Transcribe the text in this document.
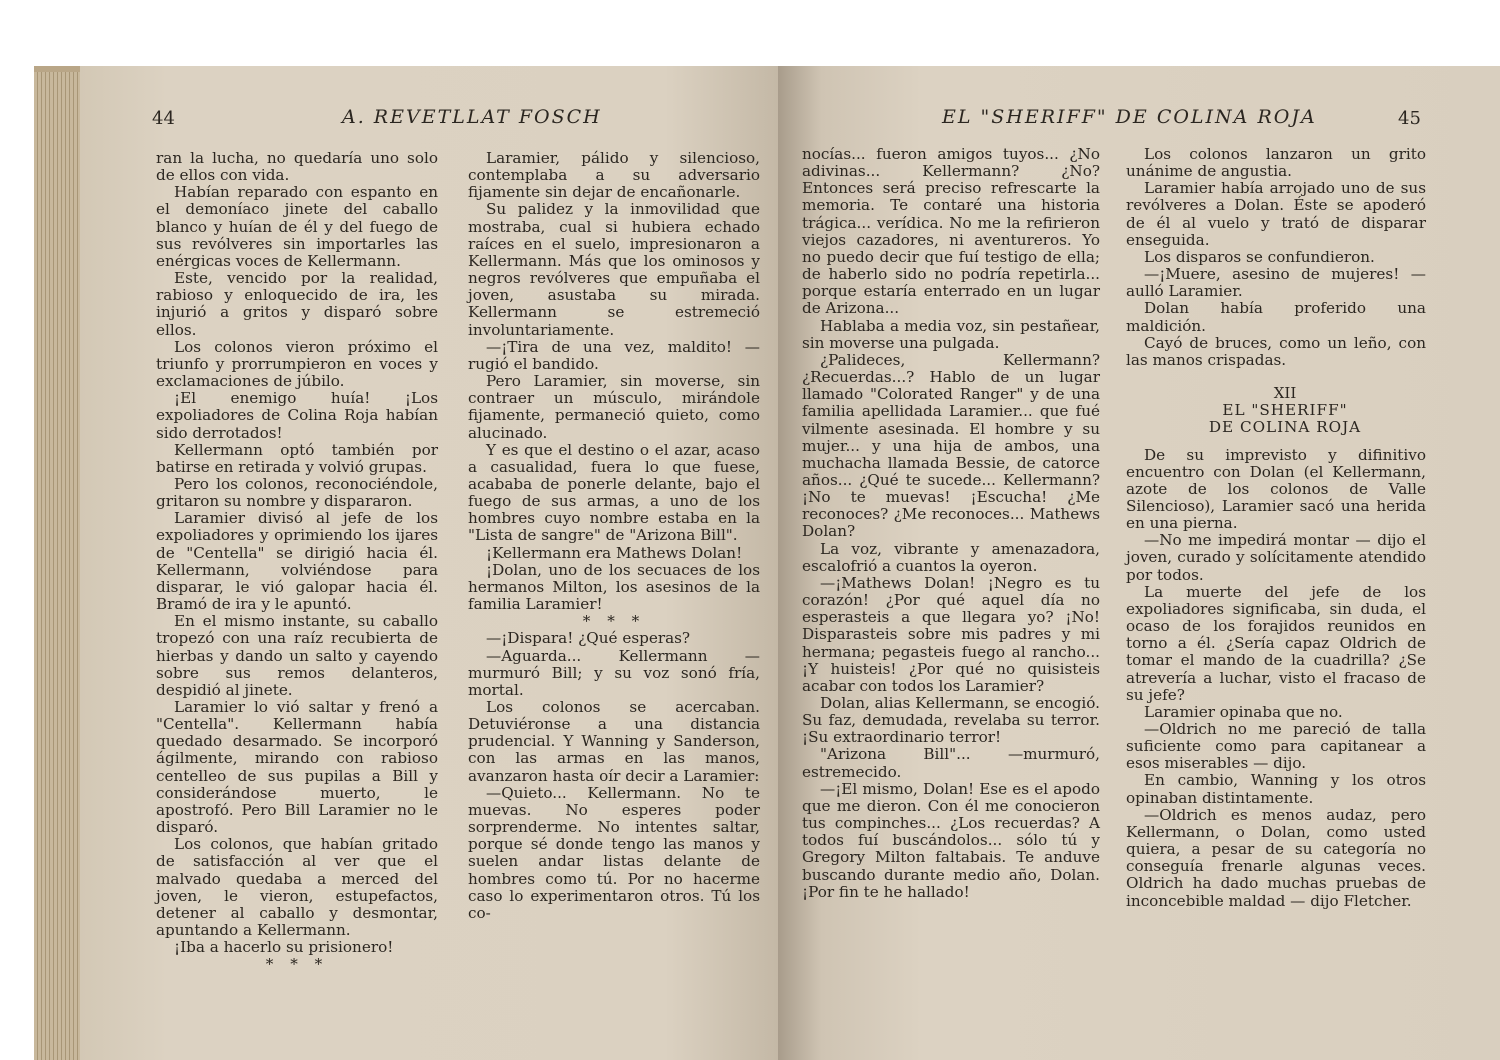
44	A. REVETLLAT FOSCH

ran la lucha, no quedaría uno solo de ellos con vida.

Habían reparado con espanto en el demoníaco jinete del caballo blanco y huían de él y del fuego de sus revólveres sin importarles las enérgicas voces de Kellermann.

Este, vencido por la realidad, rabioso y enloquecido de ira, les injurió a gritos y disparó sobre ellos.

Los colonos vieron próximo el triunfo y prorrumpieron en voces y exclamaciones de júbilo.

¡El enemigo huía! ¡Los expoliadores de Colina Roja habían sido derrotados!

Kellermann optó también por batirse en retirada y volvió grupas.

Pero los colonos, reconociéndole, gritaron su nombre y dispararon.

Laramier divisó al jefe de los expoliadores y oprimiendo los ijares de "Centella" se dirigió hacia él. Kellermann, volviéndose para disparar, le vió galopar hacia él. Bramó de ira y le apuntó.

En el mismo instante, su caballo tropezó con una raíz recubierta de hierbas y dando un salto y cayendo sobre sus remos delanteros, despidió al jinete.

Laramier lo vió saltar y frenó a "Centella". Kellermann había quedado desarmado. Se incorporó ágilmente, mirando con rabioso centelleo de sus pupilas a Bill y considerándose muerto, le apostrofó. Pero Bill Laramier no le disparó.

Los colonos, que habían gritado de satisfacción al ver que el malvado quedaba a merced del joven, le vieron, estupefactos, detener al caballo y desmontar, apuntando a Kellermann.

¡Iba a hacerlo su prisionero!

* * *

Laramier, pálido y silencioso, contemplaba a su adversario fijamente sin dejar de encañonarle.

Su palidez y la inmovilidad que mostraba, cual si hubiera echado raíces en el suelo, impresionaron a Kellermann. Más que los ominosos y negros revólveres que empuñaba el joven, asustaba su mirada. Kellermann se estremeció involuntariamente.

—¡Tira de una vez, maldito! —rugió el bandido.

Pero Laramier, sin moverse, sin contraer un músculo, mirándole fijamente, permaneció quieto, como alucinado.

Y es que el destino o el azar, acaso a casualidad, fuera lo que fuese, acababa de ponerle delante, bajo el fuego de sus armas, a uno de los hombres cuyo nombre estaba en la "Lista de sangre" de "Arizona Bill".

¡Kellermann era Mathews Dolan!

¡Dolan, uno de los secuaces de los hermanos Milton, los asesinos de la familia Laramier!

* * *

—¡Dispara! ¿Qué esperas?

—Aguarda... Kellermann —murmuró Bill; y su voz sonó fría, mortal.

Los colonos se acercaban. Detuviéronse a una distancia prudencial. Y Wanning y Sanderson, con las armas en las manos, avanzaron hasta oír decir a Laramier:

—Quieto... Kellermann. No te muevas. No esperes poder sorprenderme. No intentes saltar, porque sé donde tengo las manos y suelen andar listas delante de hombres como tú. Por no hacerme caso lo experimentaron otros. Tú los co-

EL "SHERIFF" DE COLINA ROJA	45

nocías... fueron amigos tuyos... ¿No adivinas... Kellermann? ¿No? Entonces será preciso refrescarte la memoria. Te contaré una historia trágica... verídica. No me la refirieron viejos cazadores, ni aventureros. Yo no puedo decir que fuí testigo de ella; de haberlo sido no podría repetirla... porque estaría enterrado en un lugar de Arizona...

Hablaba a media voz, sin pestañear, sin moverse una pulgada.

¿Palideces, Kellermann? ¿Recuerdas...? Hablo de un lugar llamado "Colorated Ranger" y de una familia apellidada Laramier... que fué vilmente asesinada. El hombre y su mujer... y una hija de ambos, una muchacha llamada Bessie, de catorce años... ¿Qué te sucede... Kellermann? ¡No te muevas! ¡Escucha! ¿Me reconoces? ¿Me reconoces... Mathews Dolan?

La voz, vibrante y amenazadora, escalofrió a cuantos la oyeron.

—¡Mathews Dolan! ¡Negro es tu corazón! ¿Por qué aquel día no esperasteis a que llegara yo? ¡No! Disparasteis sobre mis padres y mi hermana; pegasteis fuego al rancho... ¡Y huisteis! ¿Por qué no quisisteis acabar con todos los Laramier?

Dolan, alias Kellermann, se encogió. Su faz, demudada, revelaba su terror. ¡Su extraordinario terror!

"Arizona Bill"... —murmuró, estremecido.

—¡El mismo, Dolan! Ese es el apodo que me dieron. Con él me conocieron tus compinches... ¿Los recuerdas? A todos fuí buscándolos... sólo tú y Gregory Milton faltabais. Te anduve buscando durante medio año, Dolan. ¡Por fin te he hallado!

Los colonos lanzaron un grito unánime de angustia.

Laramier había arrojado uno de sus revólveres a Dolan. Éste se apoderó de él al vuelo y trató de disparar enseguida.

Los disparos se confundieron.

—¡Muere, asesino de mujeres! —aulló Laramier.

Dolan había proferido una maldición.

Cayó de bruces, como un leño, con las manos crispadas.

XII

EL "SHERIFF"

DE COLINA ROJA

De su imprevisto y difinitivo encuentro con Dolan (el Kellermann, azote de los colonos de Valle Silencioso), Laramier sacó una herida en una pierna.

—No me impedirá montar — dijo el joven, curado y solícitamente atendido por todos.

La muerte del jefe de los expoliadores significaba, sin duda, el ocaso de los forajidos reunidos en torno a él. ¿Sería capaz Oldrich de tomar el mando de la cuadrilla? ¿Se atrevería a luchar, visto el fracaso de su jefe?

Laramier opinaba que no.

—Oldrich no me pareció de talla suficiente como para capitanear a esos miserables — dijo.

En cambio, Wanning y los otros opinaban distintamente.

—Oldrich es menos audaz, pero Kellermann, o Dolan, como usted quiera, a pesar de su categoría no conseguía frenarle algunas veces. Oldrich ha dado muchas pruebas de inconcebible maldad — dijo Fletcher.
